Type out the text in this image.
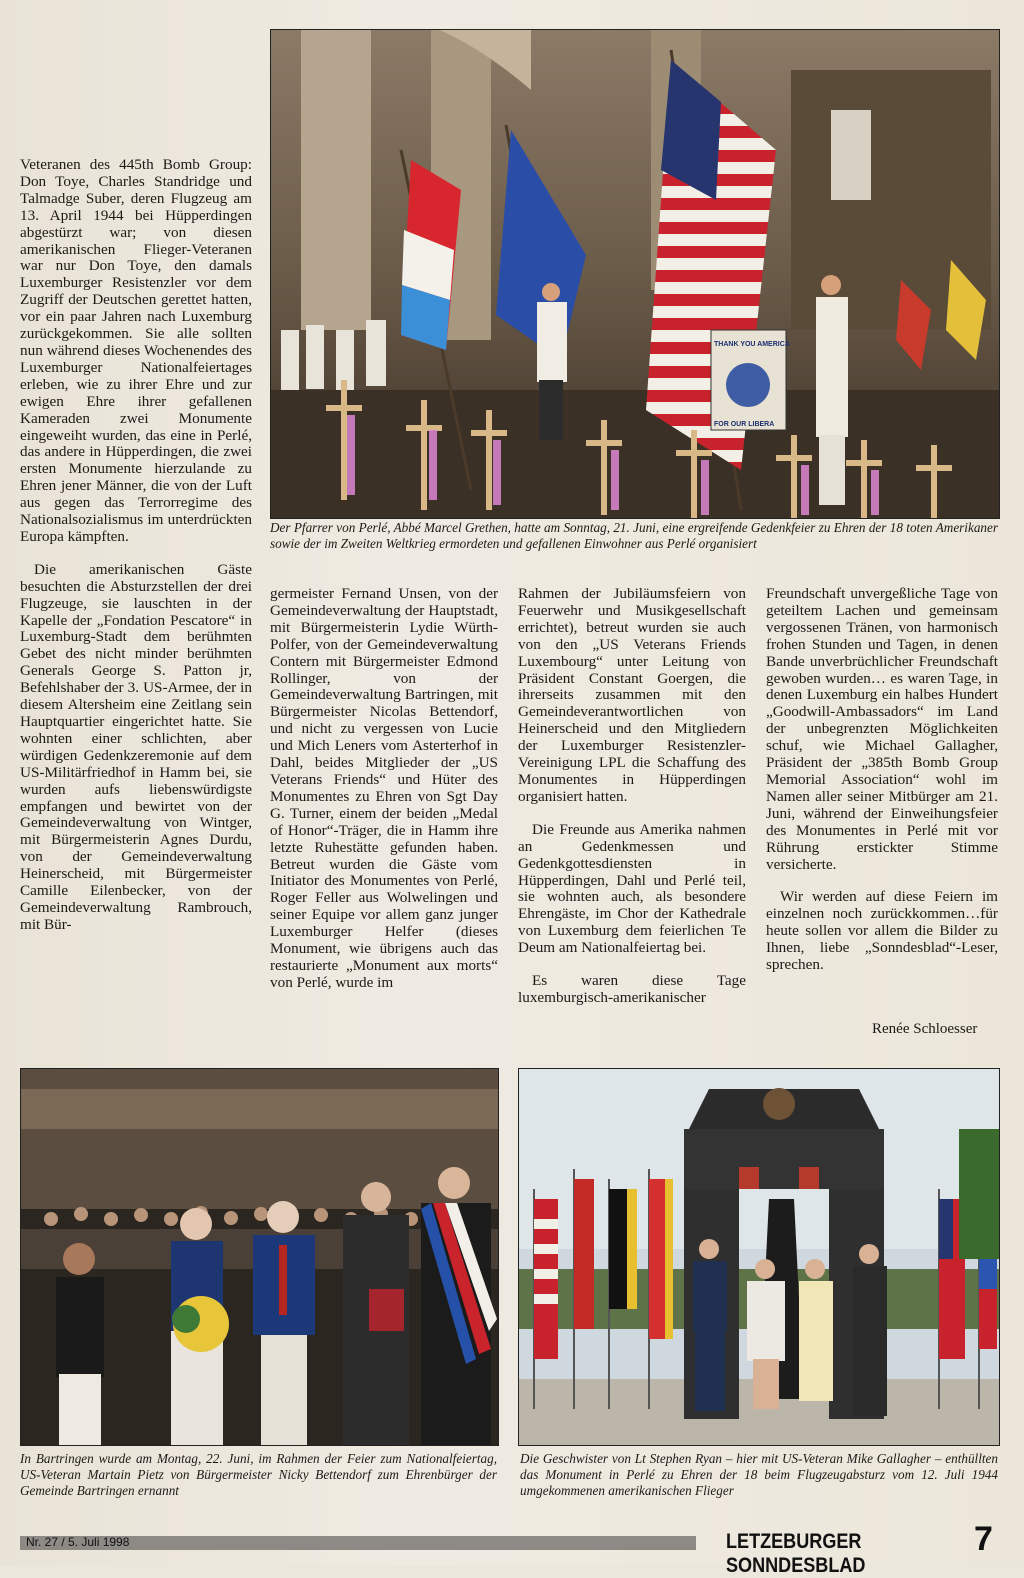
Veteranen des 445th Bomb Group: Don Toye, Charles Standridge und Talmadge Suber, deren Flugzeug am 13. April 1944 bei Hüpperdingen abgestürzt war; von diesen amerikanischen Flieger-Veteranen war nur Don Toye, den damals Luxemburger Resistenzler vor dem Zugriff der Deutschen gerettet hatten, vor ein paar Jahren nach Luxemburg zurückgekommen. Sie alle sollten nun während dieses Wochenendes des Luxemburger Nationalfeiertages erleben, wie zu ihrer Ehre und zur ewigen Ehre ihrer gefallenen Kameraden zwei Monumente eingeweiht wurden, das eine in Perlé, das andere in Hüpperdingen, die zwei ersten Monumente hierzulande zu Ehren jener Männer, die von der Luft aus gegen das Terrorregime des Nationalsozialismus im unterdrückten Europa kämpften.

Die amerikanischen Gäste besuchten die Absturzstellen der drei Flugzeuge, sie lauschten in der Kapelle der „Fondation Pescatore“ in Luxemburg-Stadt dem berühmten Gebet des nicht minder berühmten Generals George S. Patton jr, Befehlshaber der 3. US-Armee, der in diesem Altersheim eine Zeitlang sein Hauptquartier eingerichtet hatte. Sie wohnten einer schlichten, aber würdigen Gedenkzeremonie auf dem US-Militärfriedhof in Hamm bei, sie wurden aufs liebenswürdigste empfangen und bewirtet von der Gemeindeverwaltung von Wintger, mit Bürgermeisterin Agnes Durdu, von der Gemeindeverwaltung Heinerscheid, mit Bürgermeister Camille Eilenbecker, von der Gemeindeverwaltung Rambrouch, mit Bür-

THANK YOU AMERICA
FOR OUR LIBERA
Der Pfarrer von Perlé, Abbé Marcel Grethen, hatte am Sonntag, 21. Juni, eine ergreifende Gedenkfeier zu Ehren der 18 toten Amerikaner sowie der im Zweiten Weltkrieg ermordeten und gefallenen Einwohner aus Perlé organisiert

germeister Fernand Unsen, von der Gemeindeverwaltung der Hauptstadt, mit Bürgermeisterin Lydie Würth-Polfer, von der Gemeindeverwaltung Contern mit Bürgermeister Edmond Rollinger, von der Gemeindeverwaltung Bartringen, mit Bürgermeister Nicolas Bettendorf, und nicht zu vergessen von Lucie und Mich Leners vom Asterterhof in Dahl, beides Mitglieder der „US Veterans Friends“ und Hüter des Monumentes zu Ehren von Sgt Day G. Turner, einem der beiden „Medal of Honor“-Träger, die in Hamm ihre letzte Ruhestätte gefunden haben. Betreut wurden die Gäste vom Initiator des Monumentes von Perlé, Roger Feller aus Wolwelingen und seiner Equipe vor allem ganz junger Luxemburger Helfer (dieses Monument, wie übrigens auch das restaurierte „Monument aux morts“ von Perlé, wurde im

Rahmen der Jubiläumsfeiern von Feuerwehr und Musikgesellschaft errichtet), betreut wurden sie auch von den „US Veterans Friends Luxembourg“ unter Leitung von Präsident Constant Goergen, die ihrerseits zusammen mit den Gemeindeverantwortlichen von Heinerscheid und den Mitgliedern der Luxemburger Resistenzler-Vereinigung LPL die Schaffung des Monumentes in Hüpperdingen organisiert hatten.

Die Freunde aus Amerika nahmen an Gedenkmessen und Gedenkgottesdiensten in Hüpperdingen, Dahl und Perlé teil, sie wohnten auch, als besondere Ehrengäste, im Chor der Kathedrale von Luxemburg dem feierlichen Te Deum am Nationalfeiertag bei.

Es waren diese Tage luxemburgisch-amerikanischer

Freundschaft unvergeßliche Tage von geteiltem Lachen und gemeinsam vergossenen Tränen, von harmonisch frohen Stunden und Tagen, in denen Bande unverbrüchlicher Freundschaft gewoben wurden… es waren Tage, in denen Luxemburg ein halbes Hundert „Goodwill-Ambassadors“ im Land der unbegrenzten Möglichkeiten schuf, wie Michael Gallagher, Präsident der „385th Bomb Group Memorial Association“ wohl im Namen aller seiner Mitbürger am 21. Juni, während der Einweihungsfeier des Monumentes in Perlé mit vor Rührung erstickter Stimme versicherte.

Wir werden auf diese Feiern im einzelnen noch zurückkommen…für heute sollen vor allem die Bilder zu Ihnen, liebe „Sonndesblad“-Leser, sprechen.

Renée Schloesser
In Bartringen wurde am Montag, 22. Juni, im Rahmen der Feier zum Nationalfeiertag, US-Veteran Martain Pietz von Bürgermeister Nicky Bettendorf zum Ehrenbürger der Gemeinde Bartringen ernannt
Die Geschwister von Lt Stephen Ryan – hier mit US-Veteran Mike Gallagher – enthüllten das Monument in Perlé zu Ehren der 18 beim Flugzeugabsturz vom 12. Juli 1944 umgekommenen amerikanischen Flieger
Nr. 27 / 5. Juli 1998	LETZEBURGER SONNDESBLAD
7
